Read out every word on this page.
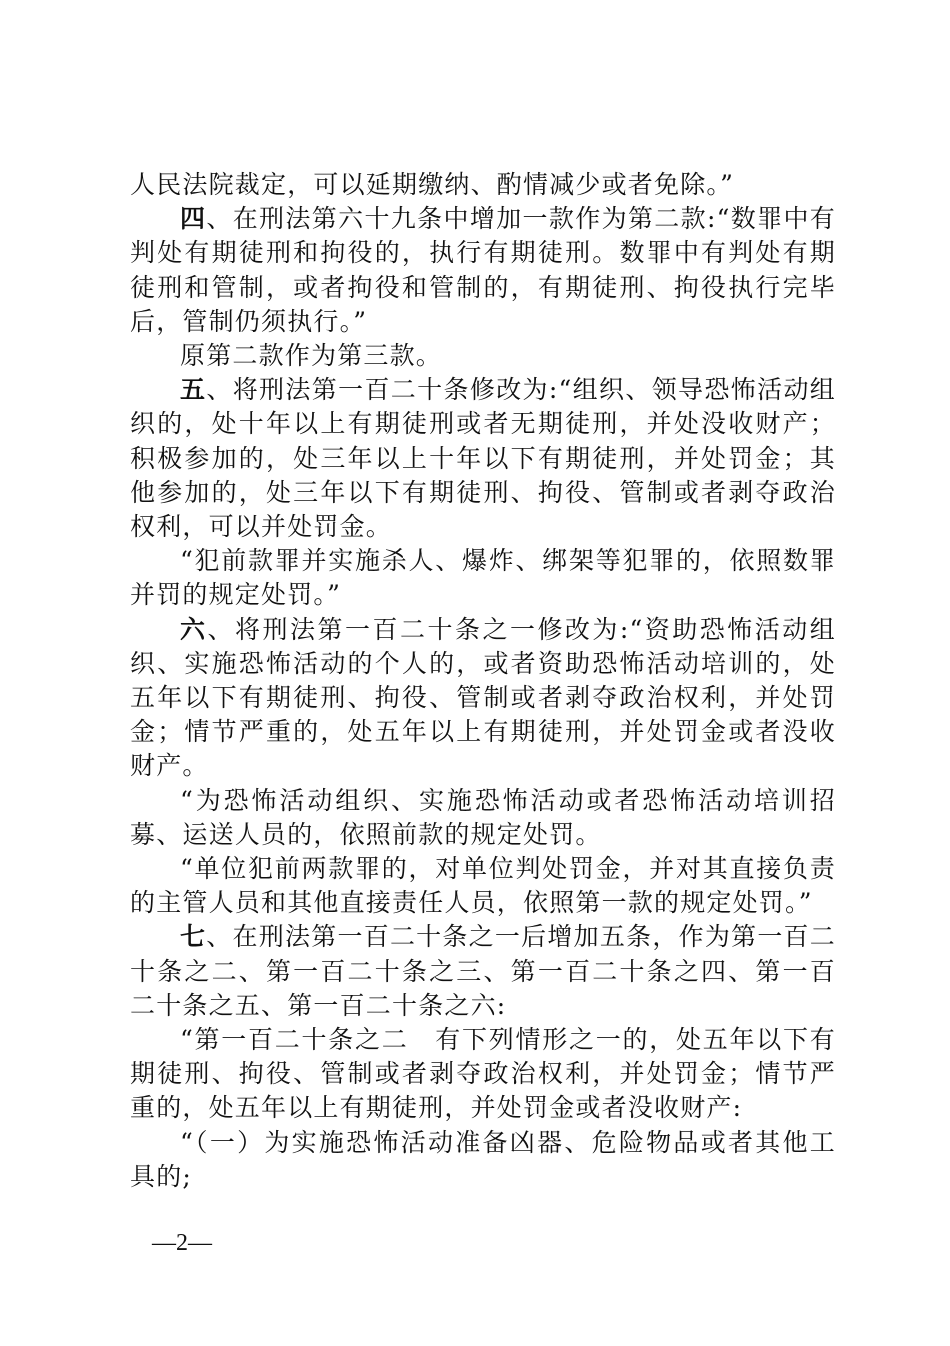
人民法院裁定，可以延期缴纳、酌情减少或者免除。”

四、在刑法第六十九条中增加一款作为第二款:“数罪中有判处有期徒刑和拘役的，执行有期徒刑。数罪中有判处有期徒刑和管制，或者拘役和管制的，有期徒刑、拘役执行完毕后，管制仍须执行。”

原第二款作为第三款。

五、将刑法第一百二十条修改为:“组织、领导恐怖活动组织的，处十年以上有期徒刑或者无期徒刑，并处没收财产；积极参加的，处三年以上十年以下有期徒刑，并处罚金；其他参加的，处三年以下有期徒刑、拘役、管制或者剥夺政治权利，可以并处罚金。

“犯前款罪并实施杀人、爆炸、绑架等犯罪的，依照数罪并罚的规定处罚。”

六、将刑法第一百二十条之一修改为:“资助恐怖活动组织、实施恐怖活动的个人的，或者资助恐怖活动培训的，处五年以下有期徒刑、拘役、管制或者剥夺政治权利，并处罚金；情节严重的，处五年以上有期徒刑，并处罚金或者没收财产。

“为恐怖活动组织、实施恐怖活动或者恐怖活动培训招募、运送人员的，依照前款的规定处罚。

“单位犯前两款罪的，对单位判处罚金，并对其直接负责的主管人员和其他直接责任人员，依照第一款的规定处罚。”

七、在刑法第一百二十条之一后增加五条，作为第一百二十条之二、第一百二十条之三、第一百二十条之四、第一百二十条之五、第一百二十条之六:

“第一百二十条之二　有下列情形之一的，处五年以下有期徒刑、拘役、管制或者剥夺政治权利，并处罚金；情节严重的，处五年以上有期徒刑，并处罚金或者没收财产:

“（一）为实施恐怖活动准备凶器、危险物品或者其他工具的;

—2—
